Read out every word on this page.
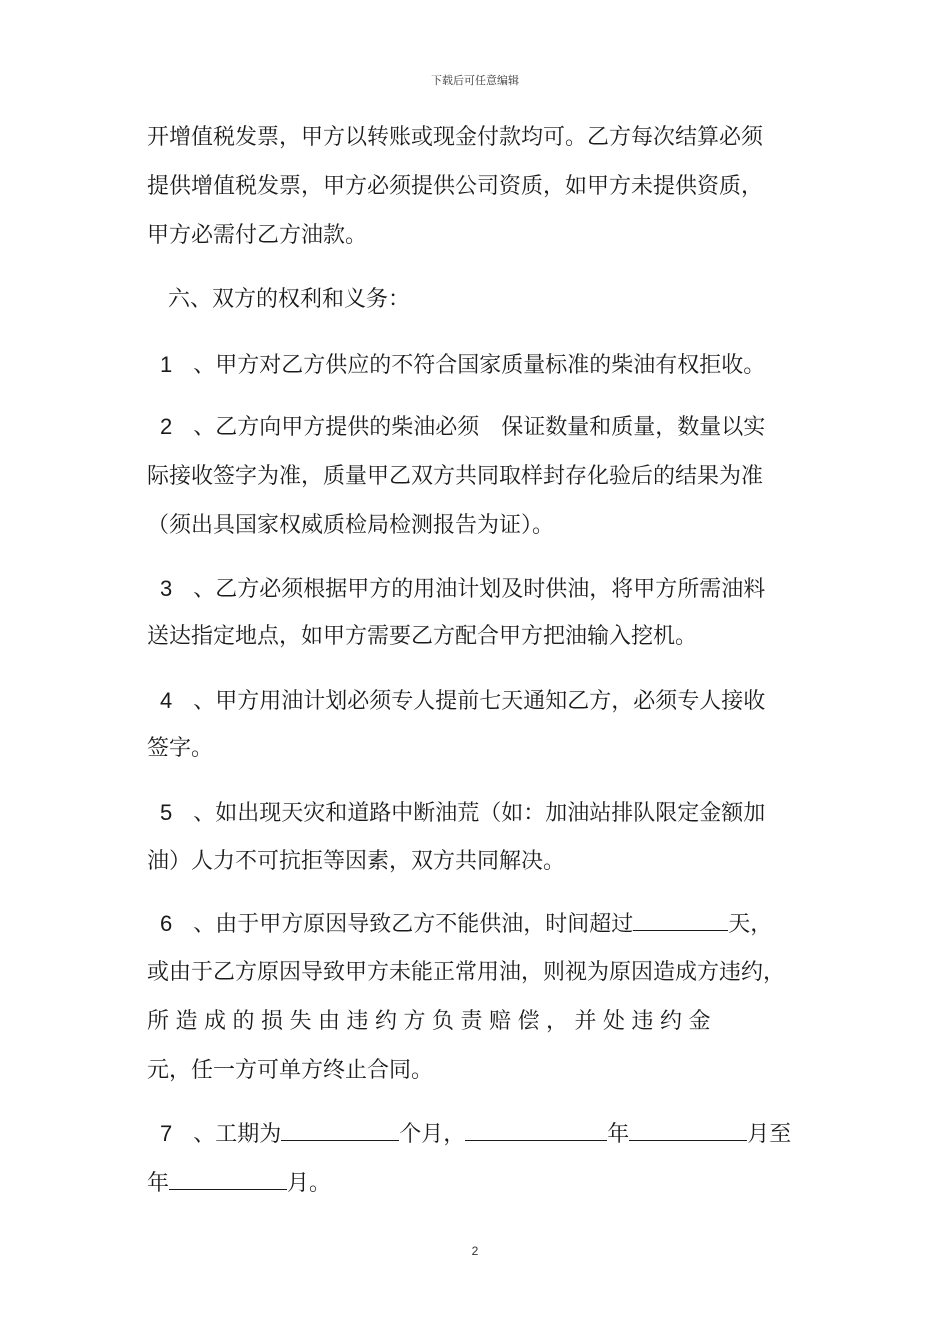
下载后可任意编辑
开增值税发票，甲方以转账或现金付款均可。乙方每次结算必须
提供增值税发票，甲方必须提供公司资质，如甲方未提供资质，
甲方必需付乙方油款。
六、双方的权利和义务：
1 、甲方对乙方供应的不符合国家质量标准的柴油有权拒收。
2 、乙方向甲方提供的柴油必须 保证数量和质量，数量以实
际接收签字为准，质量甲乙双方共同取样封存化验后的结果为准
（须出具国家权威质检局检测报告为证）。
3 、乙方必须根据甲方的用油计划及时供油，将甲方所需油料
送达指定地点，如甲方需要乙方配合甲方把油输入挖机。
4 、甲方用油计划必须专人提前七天通知乙方，必须专人接收
签字。
5 、如出现天灾和道路中断油荒（如：加油站排队限定金额加
油）人力不可抗拒等因素，双方共同解决。
6 、由于甲方原因导致乙方不能供油，时间超过	天，
或由于乙方原因导致甲方未能正常用油，则视为原因造成方违约，
所造成的损失由违约方负责赔偿，并处违约金
元，任一方可单方终止合同。
7 、工期为	个月，	年	月至
年	月。
2
